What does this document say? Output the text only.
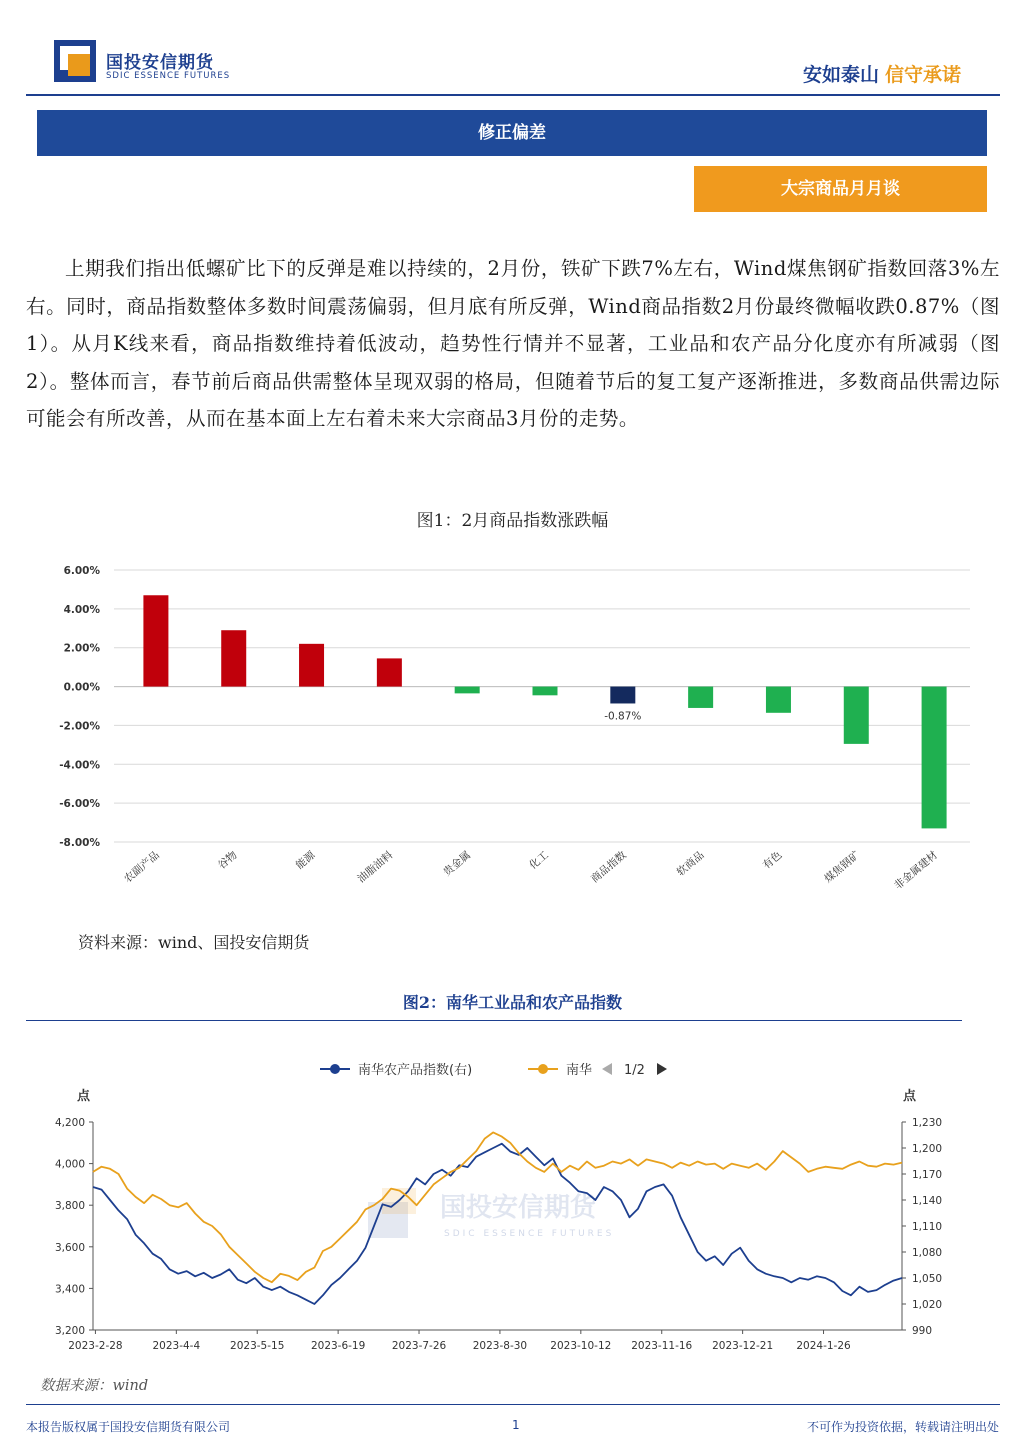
国投安信期货
SDIC ESSENCE FUTURES	安如泰山 信守承诺
修正偏差
大宗商品月月谈
上期我们指出低螺矿比下的反弹是难以持续的，2月份，铁矿下跌7%左右，Wind煤焦钢矿指数回落3%左右。同时，商品指数整体多数时间震荡偏弱，但月底有所反弹，Wind商品指数2月份最终微幅收跌0.87%（图1）。从月K线来看，商品指数维持着低波动，趋势性行情并不显著，工业品和农产品分化度亦有所减弱（图2）。整体而言，春节前后商品供需整体呈现双弱的格局，但随着节后的复工复产逐渐推进，多数商品供需边际可能会有所改善，从而在基本面上左右着未来大宗商品3月份的走势。
图1：2月商品指数涨跌幅
6.00%
4.00%
2.00%
0.00%
-2.00%
-4.00%
-6.00%
-8.00%
农副产品	谷物	能源	油脂油料	贵金属	化工	商品指数
-0.87%
软商品	有色	煤焦钢矿	非金属建材
资料来源：wind、国投安信期货
图2：南华工业品和农产品指数
南华农产品指数(右)	南华 1/2
点	点
国投安信期货
SDIC ESSENCE FUTURES
4,200
4,000
3,800
3,600
3,400
3,200
1,230
1,200
1,170
1,140
1,110
1,080
1,050
1,020
990
2023-2-28	2023-4-4	2023-5-15	2023-6-19	2023-7-26	2023-8-30 2023-10-12 2023-11-16 2023-12-21 2024-1-26
数据来源：wind
本报告版权属于国投安信期货有限公司	1	不可作为投资依据，转载请注明出处
